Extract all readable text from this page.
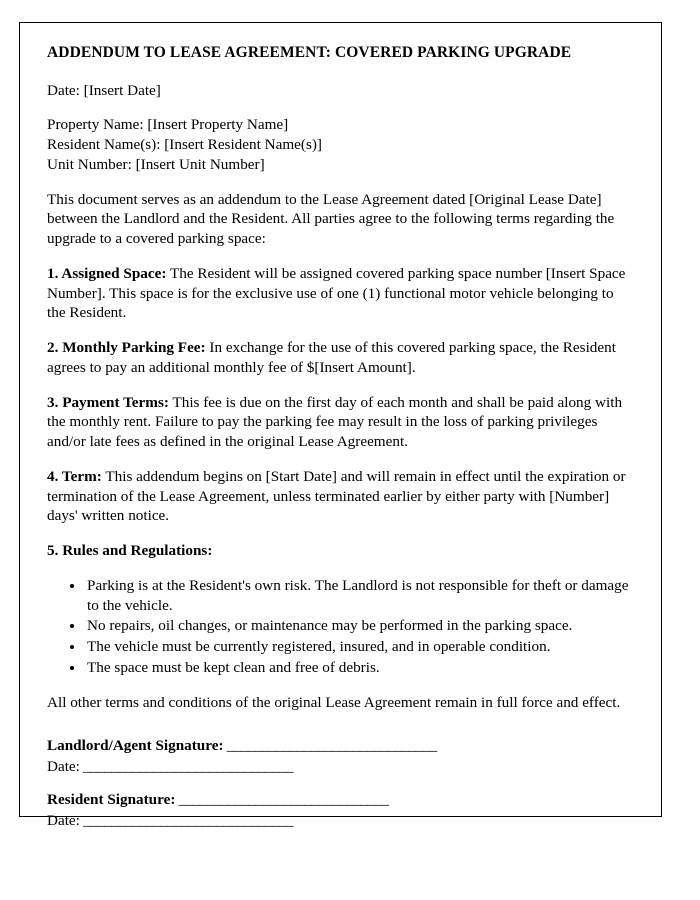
ADDENDUM TO LEASE AGREEMENT: COVERED PARKING UPGRADE

Date: [Insert Date]

Property Name: [Insert Property Name]

Resident Name(s): [Insert Resident Name(s)]

Unit Number: [Insert Unit Number]

This document serves as an addendum to the Lease Agreement dated [Original Lease Date] between the Landlord and the Resident. All parties agree to the following terms regarding the upgrade to a covered parking space:

1. Assigned Space: The Resident will be assigned covered parking space number [Insert Space Number]. This space is for the exclusive use of one (1) functional motor vehicle belonging to the Resident.

2. Monthly Parking Fee: In exchange for the use of this covered parking space, the Resident agrees to pay an additional monthly fee of $[Insert Amount].

3. Payment Terms: This fee is due on the first day of each month and shall be paid along with the monthly rent. Failure to pay the parking fee may result in the loss of parking privileges and/or late fees as defined in the original Lease Agreement.

4. Term: This addendum begins on [Start Date] and will remain in effect until the expiration or termination of the Lease Agreement, unless terminated earlier by either party with [Number] days' written notice.

5. Rules and Regulations:

• Parking is at the Resident's own risk. The Landlord is not responsible for theft or damage to the vehicle.
• No repairs, oil changes, or maintenance may be performed in the parking space.
• The vehicle must be currently registered, insured, and in operable condition.
• The space must be kept clean and free of debris.

All other terms and conditions of the original Lease Agreement remain in full force and effect.

Landlord/Agent Signature: ______________________________
Date: ______________________________
Resident Signature: ______________________________
Date: ______________________________
